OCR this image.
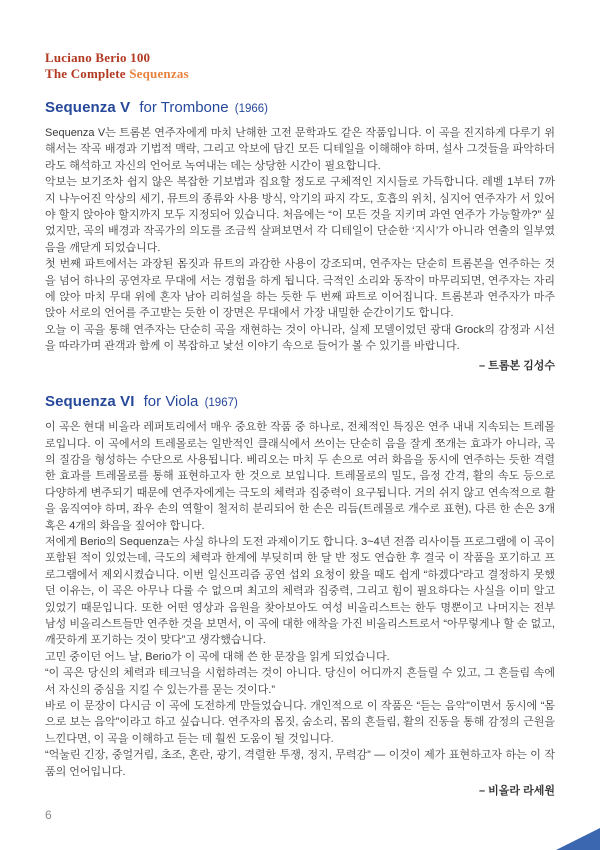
Luciano Berio 100
The Complete Sequenzas
Sequenza V for Trombone (1966)

Sequenza V는 트롬본 연주자에게 마치 난해한 고전 문학과도 같은 작품입니다. 이 곡을 진지하게 다루기 위해서는 작곡 배경과 기법적 맥락, 그리고 악보에 담긴 모든 디테일을 이해해야 하며, 설사 그것들을 파악하더라도 해석하고 자신의 언어로 녹여내는 데는 상당한 시간이 필요합니다.

악보는 보기조차 쉽지 않은 복잡한 기보법과 집요할 정도로 구체적인 지시들로 가득합니다. 레벨 1부터 7까지 나누어진 악상의 세기, 뮤트의 종류와 사용 방식, 악기의 파지 각도, 호흡의 위치, 심지어 연주자가 서 있어야 할지 앉아야 할지까지 모두 지정되어 있습니다. 처음에는 “이 모든 것을 지키며 과연 연주가 가능할까?” 싶었지만, 곡의 배경과 작곡가의 의도를 조금씩 살펴보면서 각 디테일이 단순한 ‘지시’가 아니라 연출의 일부였음을 깨닫게 되었습니다.

첫 번째 파트에서는 과장된 몸짓과 뮤트의 과감한 사용이 강조되며, 연주자는 단순히 트롬본을 연주하는 것을 넘어 하나의 공연자로 무대에 서는 경험을 하게 됩니다. 극적인 소리와 동작이 마무리되면, 연주자는 자리에 앉아 마치 무대 위에 혼자 남아 리허설을 하는 듯한 두 번째 파트로 이어집니다. 트롬본과 연주자가 마주 앉아 서로의 언어를 주고받는 듯한 이 장면은 무대에서 가장 내밀한 순간이기도 합니다.

오늘 이 곡을 통해 연주자는 단순히 곡을 재현하는 것이 아니라, 실제 모델이었던 광대 Grock의 감정과 시선을 따라가며 관객과 함께 이 복잡하고 낯선 이야기 속으로 들어가 볼 수 있기를 바랍니다.

– 트롬본 김성수
Sequenza VI for Viola (1967)

이 곡은 현대 비올라 레퍼토리에서 매우 중요한 작품 중 하나로, 전체적인 특징은 연주 내내 지속되는 트레몰로입니다. 이 곡에서의 트레몰로는 일반적인 클래식에서 쓰이는 단순히 음을 잘게 쪼개는 효과가 아니라, 곡의 질감을 형성하는 수단으로 사용됩니다. 베리오는 마치 두 손으로 여러 화음을 동시에 연주하는 듯한 격렬한 효과를 트레몰로를 통해 표현하고자 한 것으로 보입니다. 트레몰로의 밀도, 음정 간격, 활의 속도 등으로 다양하게 변주되기 때문에 연주자에게는 극도의 체력과 집중력이 요구됩니다. 거의 쉬지 않고 연속적으로 활을 움직여야 하며, 좌우 손의 역할이 철저히 분리되어 한 손은 리듬(트레몰로 개수로 표현), 다른 한 손은 3개 혹은 4개의 화음을 짚어야 합니다.

저에게 Berio의 Sequenza는 사실 하나의 도전 과제이기도 합니다. 3~4년 전쯤 리사이틀 프로그램에 이 곡이 포함된 적이 있었는데, 극도의 체력과 한계에 부딪히며 한 달 반 정도 연습한 후 결국 이 작품을 포기하고 프로그램에서 제외시켰습니다. 이번 일신프리즘 공연 섭외 요청이 왔을 때도 쉽게 “하겠다”라고 결정하지 못했던 이유는, 이 곡은 아무나 다룰 수 없으며 최고의 체력과 집중력, 그리고 힘이 필요하다는 사실을 이미 알고 있었기 때문입니다. 또한 어떤 영상과 음원을 찾아보아도 여성 비올리스트는 한두 명뿐이고 나머지는 전부 남성 비올리스트들만 연주한 것을 보면서, 이 곡에 대한 애착을 가진 비올리스트로서 “아무렇게나 할 순 없고, 깨끗하게 포기하는 것이 맞다”고 생각했습니다.

고민 중이던 어느 날, Berio가 이 곡에 대해 쓴 한 문장을 읽게 되었습니다.

“이 곡은 당신의 체력과 테크닉을 시험하려는 것이 아니다. 당신이 어디까지 흔들릴 수 있고, 그 흔들림 속에서 자신의 중심을 지킬 수 있는가를 묻는 것이다.”

바로 이 문장이 다시금 이 곡에 도전하게 만들었습니다. 개인적으로 이 작품은 “듣는 음악”이면서 동시에 “몸으로 보는 음악”이라고 하고 싶습니다. 연주자의 몸짓, 숨소리, 몸의 흔들림, 활의 진동을 통해 감정의 근원을 느낀다면, 이 곡을 이해하고 듣는 데 훨씬 도움이 될 것입니다.

“억눌린 긴장, 중얼거림, 초조, 혼란, 광기, 격렬한 투쟁, 정지, 무력감” — 이것이 제가 표현하고자 하는 이 작품의 언어입니다.

– 비올라 라세원
6
